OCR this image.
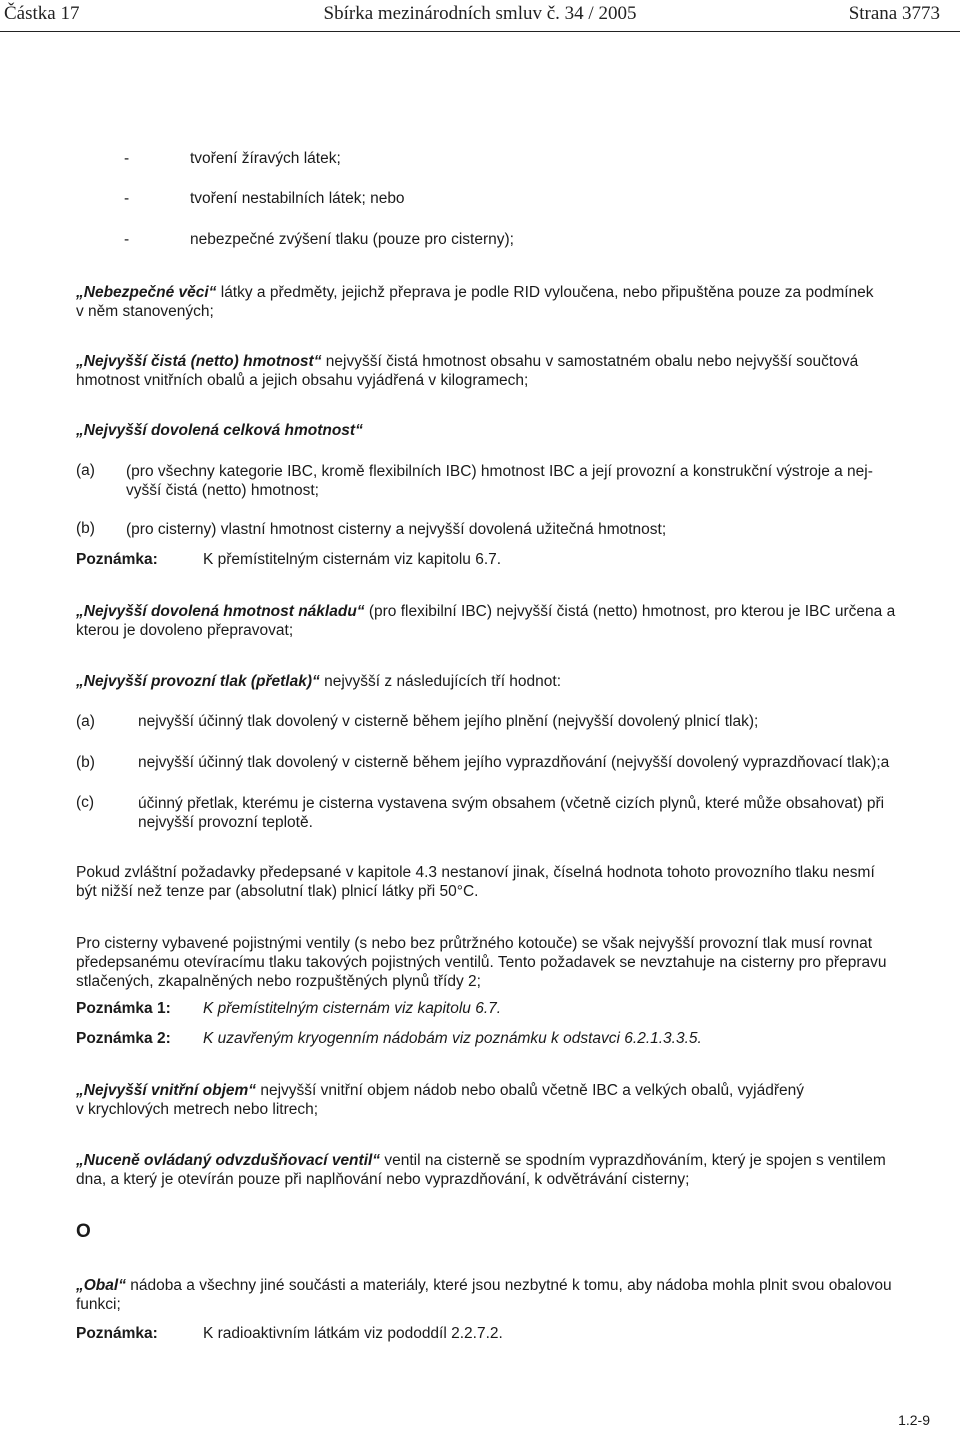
Částka 17	Sbírka mezinárodních smluv č. 34 / 2005	Strana 3773
-	tvoření žíravých látek;
-	tvoření nestabilních látek; nebo
-	nebezpečné zvýšení tlaku (pouze pro cisterny);
„Nebezpečné věci“ látky a předměty, jejichž přeprava je podle RID vyloučena, nebo připuštěna pouze za podmínek
v něm stanovených;
„Nejvyšší čistá (netto) hmotnost“ nejvyšší čistá hmotnost obsahu v samostatném obalu nebo nejvyšší součtová
hmotnost vnitřních obalů a jejich obsahu vyjádřená v kilogramech;
„Nejvyšší dovolená celková hmotnost“
(a) (pro všechny kategorie IBC, kromě flexibilních IBC) hmotnost IBC a její provozní a konstrukční výstroje a nej-
vyšší čistá (netto) hmotnost;
(b) (pro cisterny) vlastní hmotnost cisterny a nejvyšší dovolená užitečná hmotnost;
Poznámka:	K přemístitelným cisternám viz kapitolu 6.7.
„Nejvyšší dovolená hmotnost nákladu“ (pro flexibilní IBC) nejvyšší čistá (netto) hmotnost, pro kterou je IBC určena a
kterou je dovoleno přepravovat;
„Nejvyšší provozní tlak (přetlak)“ nejvyšší z následujících tří hodnot:
(a)	nejvyšší účinný tlak dovolený v cisterně během jejího plnění (nejvyšší dovolený plnicí tlak);
(b)	nejvyšší účinný tlak dovolený v cisterně během jejího vyprazdňování (nejvyšší dovolený vyprazdňovací tlak);a
(c)	účinný přetlak, kterému je cisterna vystavena svým obsahem (včetně cizích plynů, které může obsahovat) při
nejvyšší provozní teplotě.
Pokud zvláštní požadavky předepsané v kapitole 4.3 nestanoví jinak, číselná hodnota tohoto provozního tlaku nesmí
být nižší než tenze par (absolutní tlak) plnicí látky při 50°C.
Pro cisterny vybavené pojistnými ventily (s nebo bez průtržného kotouče) se však nejvyšší provozní tlak musí rovnat
předepsanému otevíracímu tlaku takových pojistných ventilů. Tento požadavek se nevztahuje na cisterny pro přepravu
stlačených, zkapalněných nebo rozpuštěných plynů třídy 2;
Poznámka 1: K přemístitelným cisternám viz kapitolu 6.7.
Poznámka 2: K uzavřeným kryogenním nádobám viz poznámku k odstavci 6.2.1.3.3.5.
„Nejvyšší vnitřní objem“ nejvyšší vnitřní objem nádob nebo obalů včetně IBC a velkých obalů, vyjádřený
v krychlových metrech nebo litrech;
„Nuceně ovládaný odvzdušňovací ventil“ ventil na cisterně se spodním vyprazdňováním, který je spojen s ventilem
dna, a který je otevírán pouze při naplňování nebo vyprazdňování, k odvětrávání cisterny;
O
„Obal“ nádoba a všechny jiné součásti a materiály, které jsou nezbytné k tomu, aby nádoba mohla plnit svou obalovou
funkci;
Poznámka:	K radioaktivním látkám viz pododdíl 2.2.7.2.
1.2-9
